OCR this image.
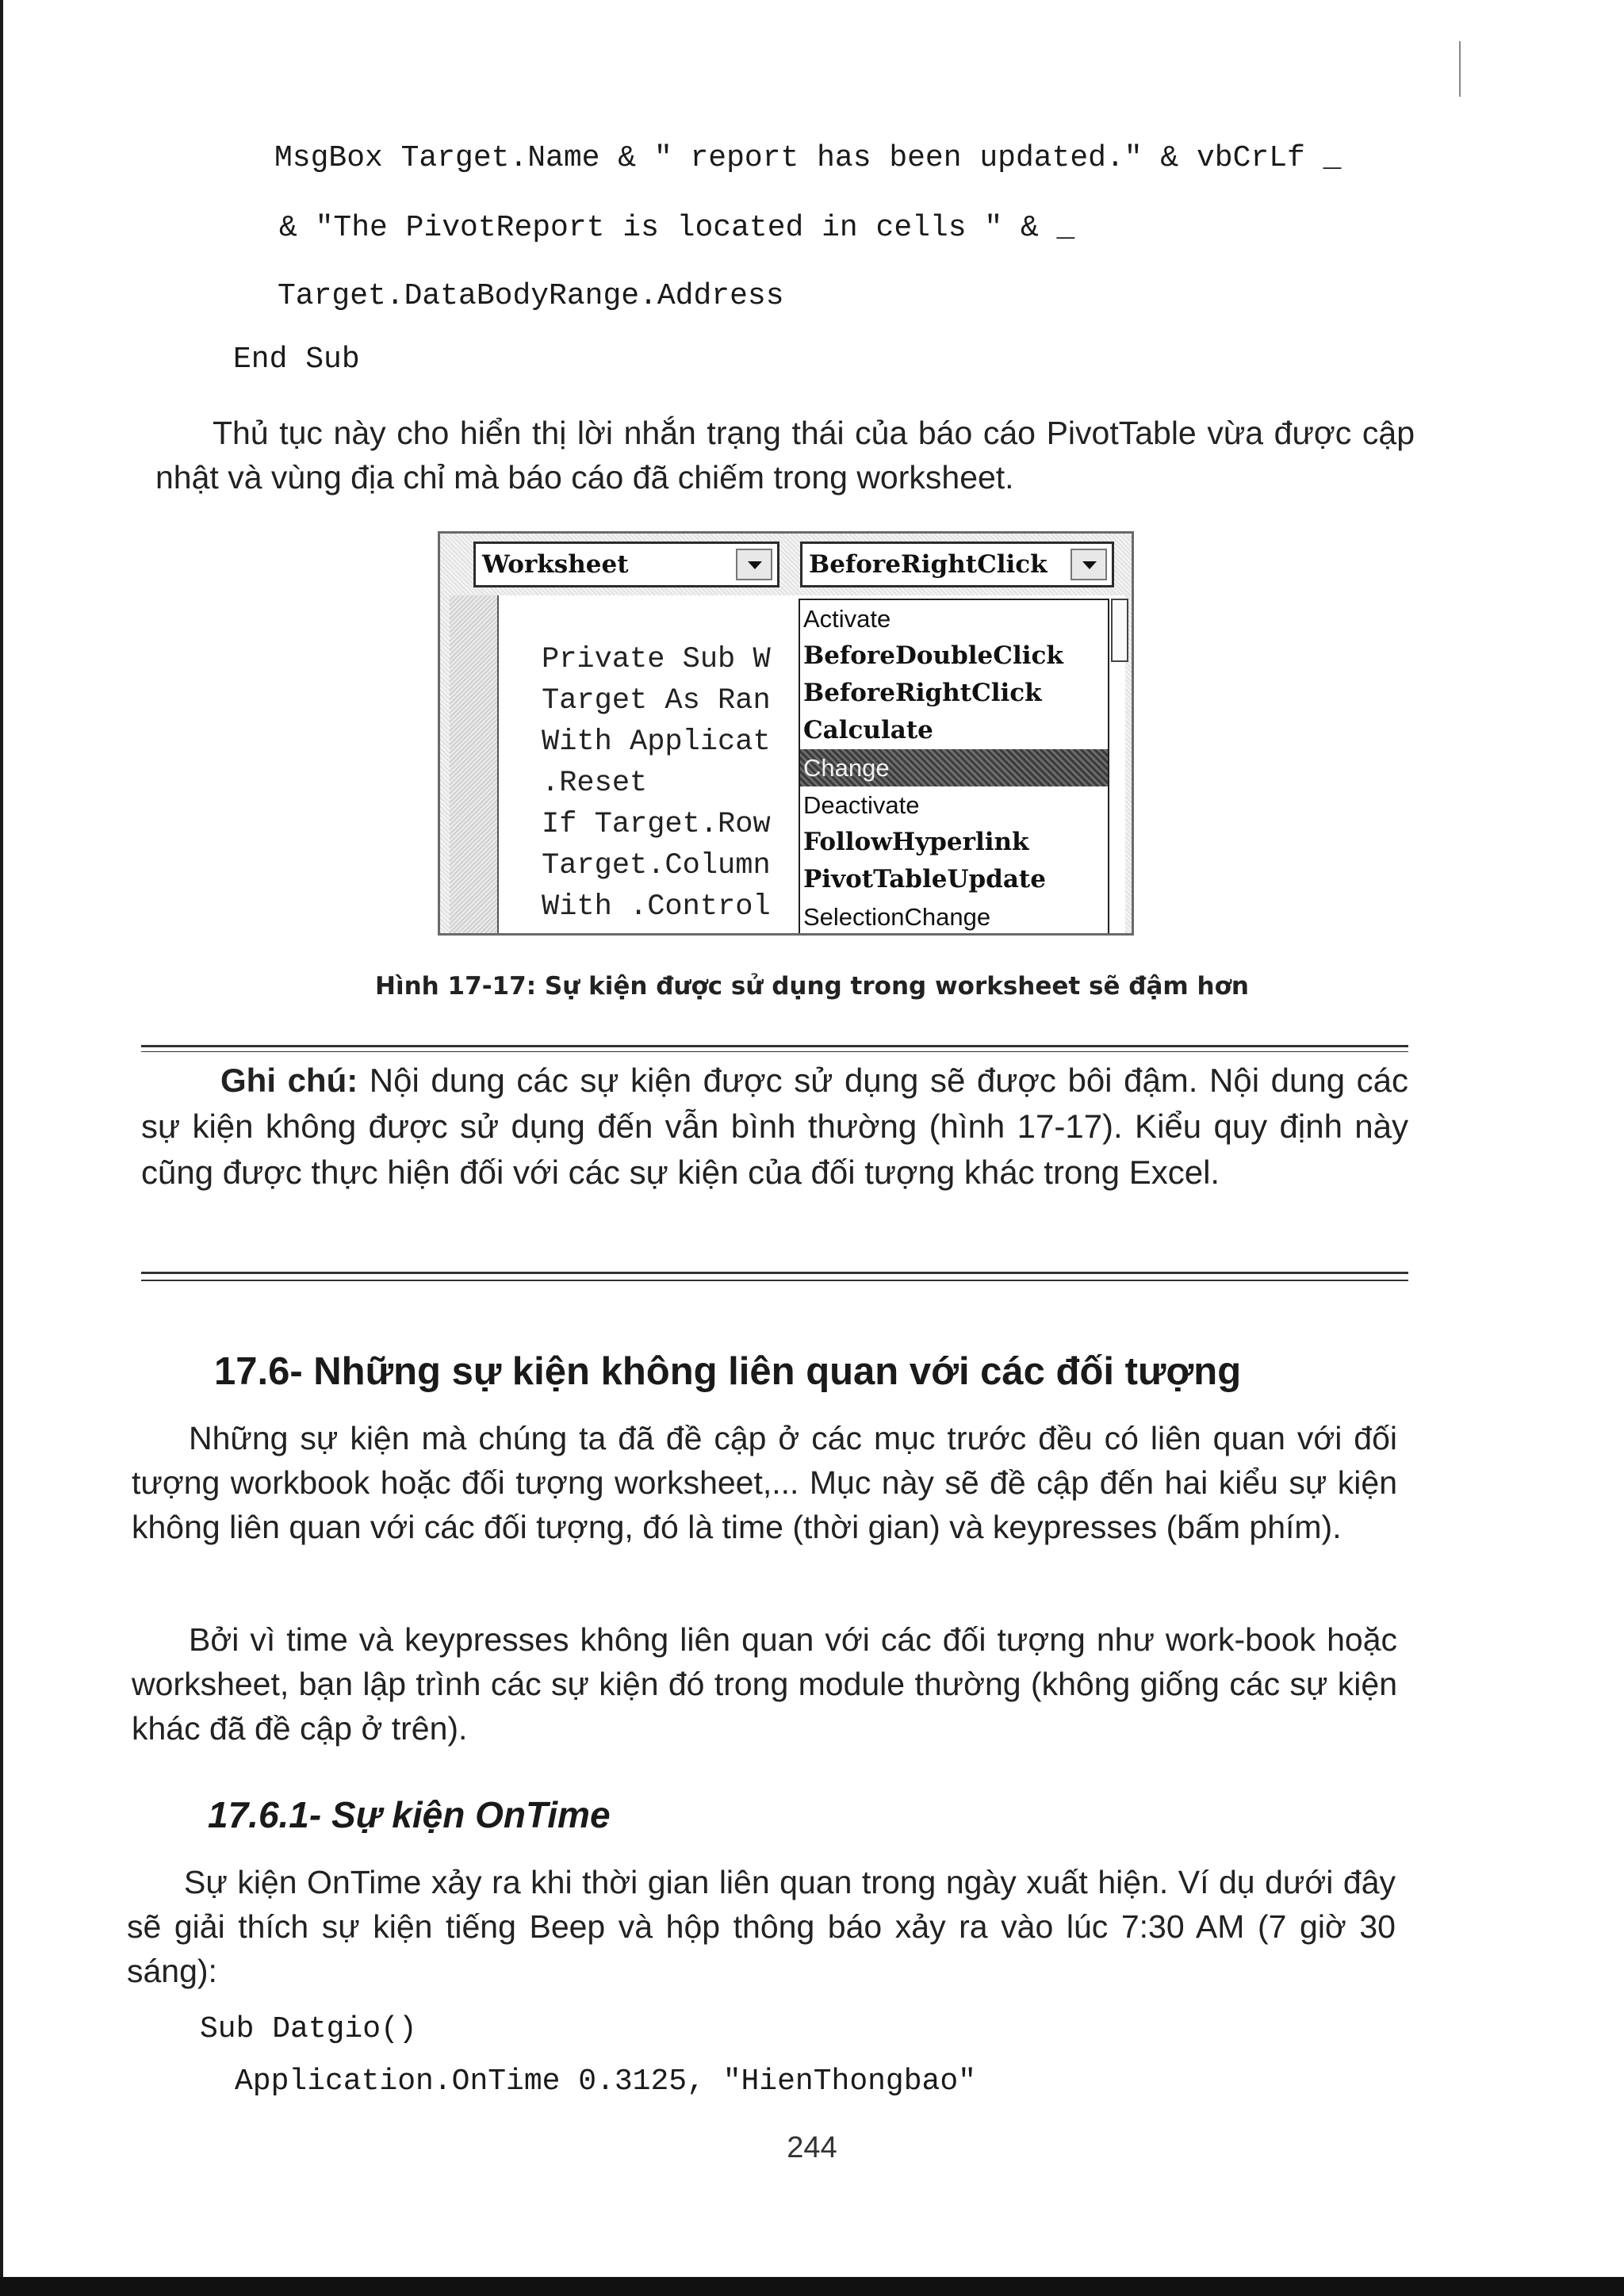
MsgBox Target.Name & " report has been updated." & vbCrLf _
& "The PivotReport is located in cells " & _
Target.DataBodyRange.Address
End Sub

Thủ tục này cho hiển thị lời nhắn trạng thái của báo cáo PivotTable vừa được cập nhật và vùng địa chỉ mà báo cáo đã chiếm trong worksheet.

Worksheet	BeforeRightClick
Private Sub W
Target As Ran
With Applicat
.Reset
If Target.Row
Target.Column
With .Control
Activate
BeforeDoubleClick
BeforeRightClick
Calculate
Change
Deactivate
FollowHyperlink
PivotTableUpdate
SelectionChange
Hình 17-17: Sự kiện được sử dụng trong worksheet sẽ đậm hơn

Ghi chú: Nội dung các sự kiện được sử dụng sẽ được bôi đậm. Nội dung các sự kiện không được sử dụng đến vẫn bình thường (hình 17-17). Kiểu quy định này cũng được thực hiện đối với các sự kiện của đối tượng khác trong Excel.

17.6- Những sự kiện không liên quan với các đối tượng

Những sự kiện mà chúng ta đã đề cập ở các mục trước đều có liên quan với đối tượng workbook hoặc đối tượng worksheet,... Mục này sẽ đề cập đến hai kiểu sự kiện không liên quan với các đối tượng, đó là time (thời gian) và keypresses (bấm phím).

Bởi vì time và keypresses không liên quan với các đối tượng như work-book hoặc worksheet, bạn lập trình các sự kiện đó trong module thường (không giống các sự kiện khác đã đề cập ở trên).

17.6.1- Sự kiện OnTime

Sự kiện OnTime xảy ra khi thời gian liên quan trong ngày xuất hiện. Ví dụ dưới đây sẽ giải thích sự kiện tiếng Beep và hộp thông báo xảy ra vào lúc 7:30 AM (7 giờ 30 sáng):

Sub Datgio()
Application.OnTime 0.3125, "HienThongbao"
244
